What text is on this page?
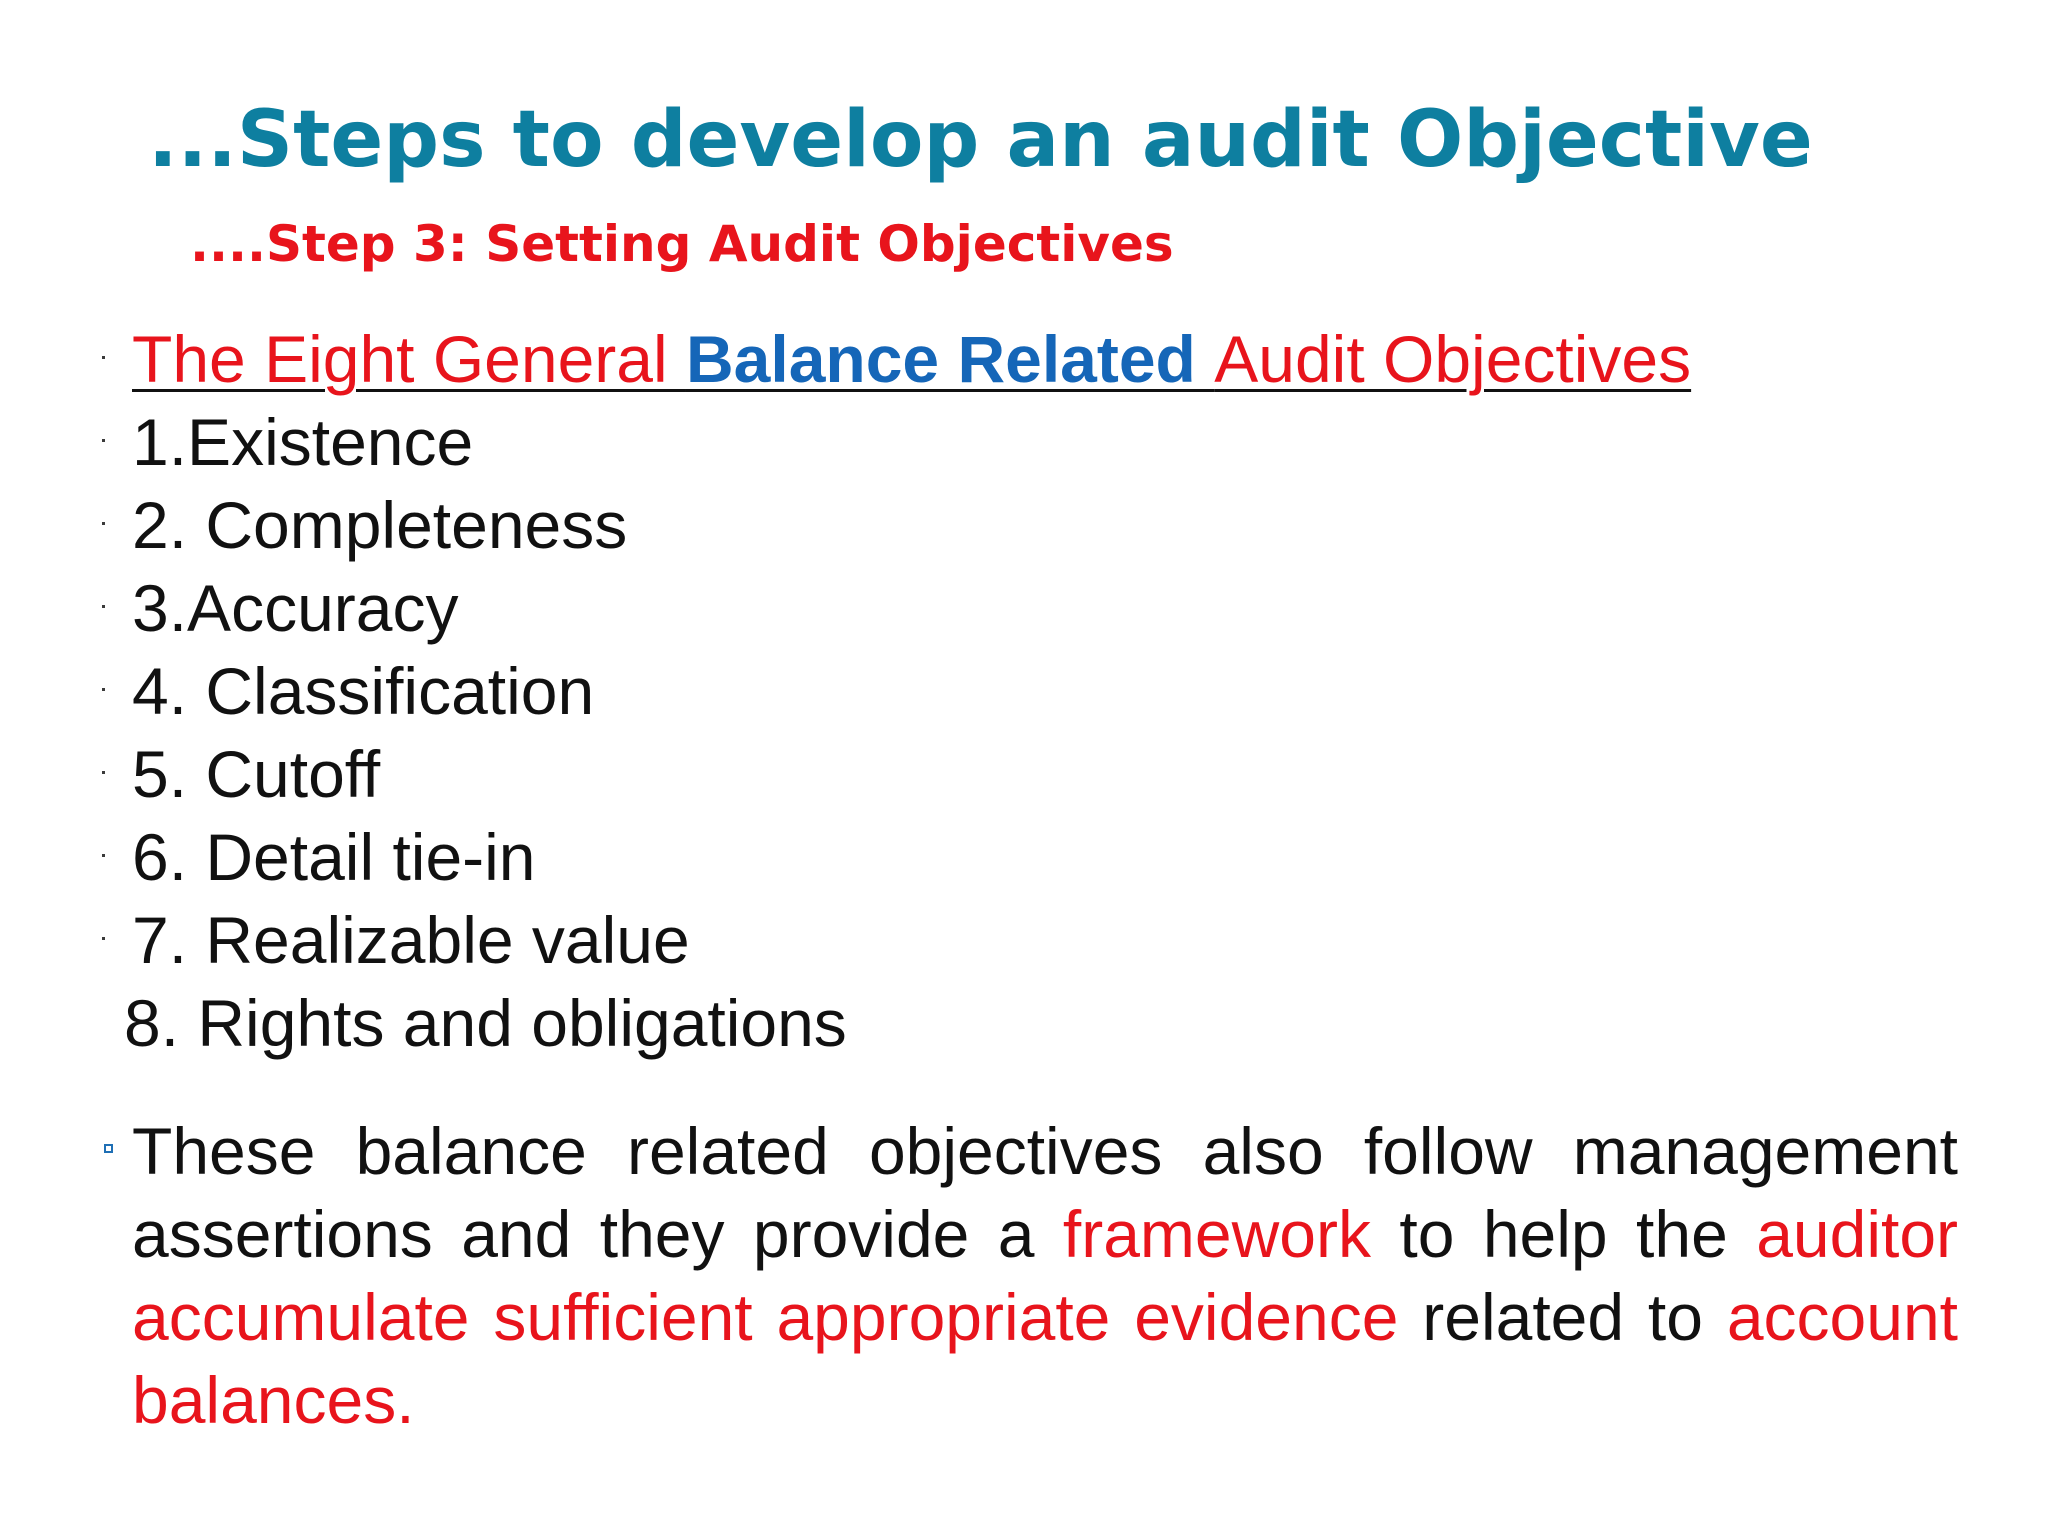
...Steps to develop an audit Objective
....Step 3: Setting Audit Objectives
The Eight General Balance Related Audit Objectives
1.Existence
2. Completeness
3.Accuracy
4. Classification
5. Cutoff
6. Detail tie-in
7. Realizable value
8. Rights and obligations

These balance related objectives also follow management assertions and they provide a framework to help the auditor accumulate sufficient appropriate evidence related to account balances.
